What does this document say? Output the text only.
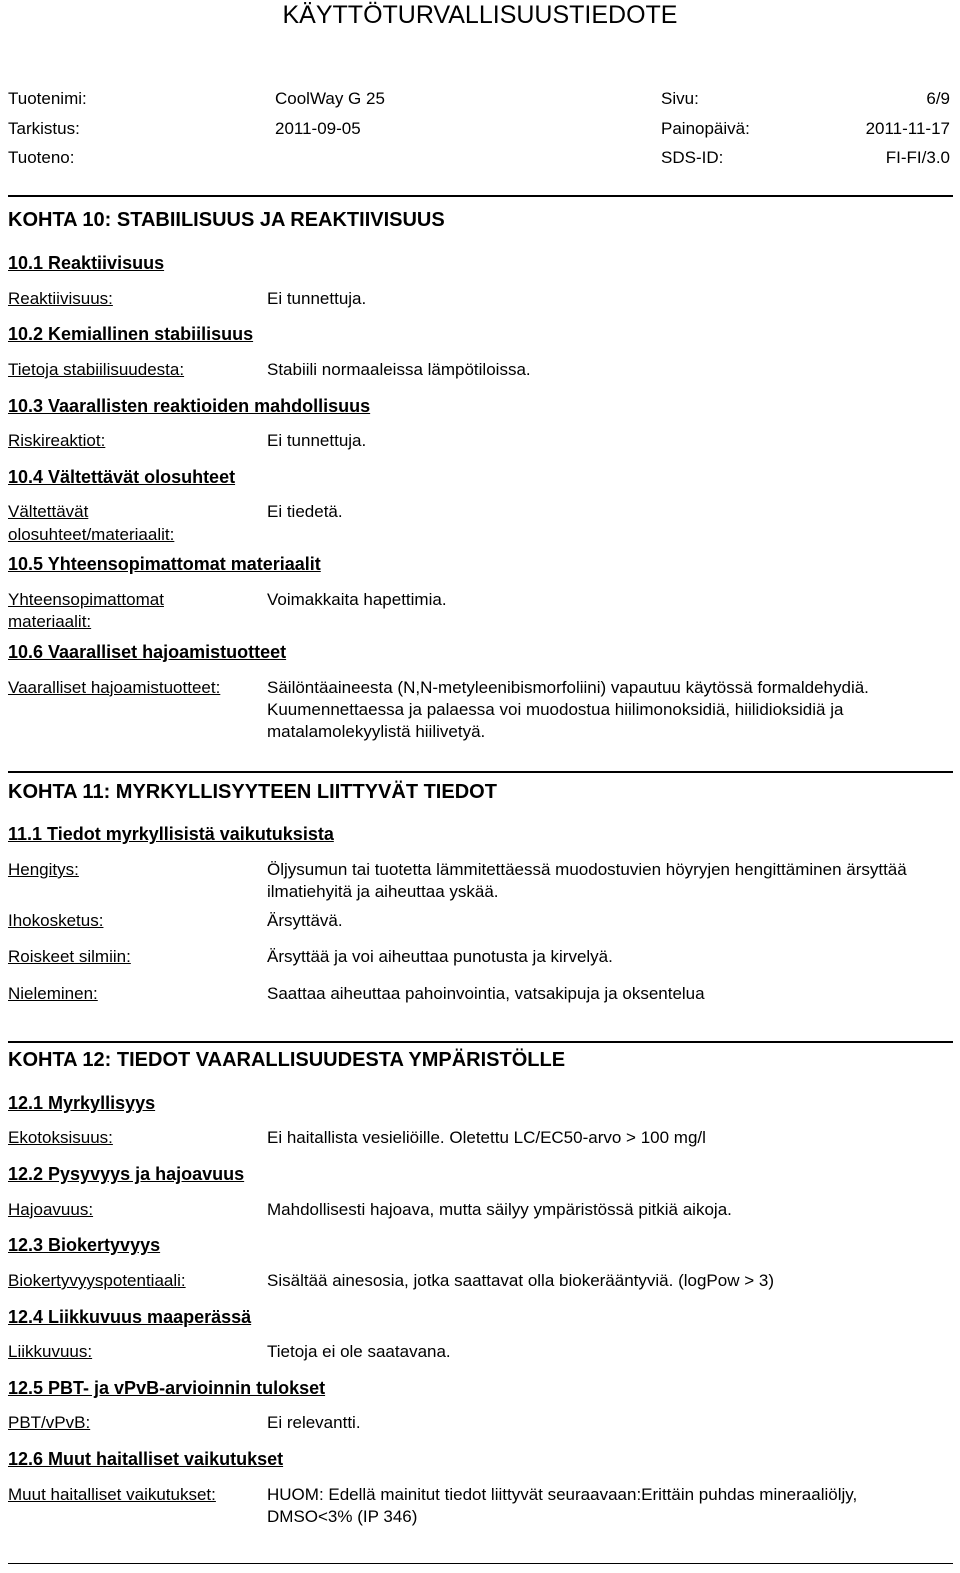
KÄYTTÖTURVALLISUUSTIEDOTE
Tuotenimi:	CoolWay G 25	Sivu:	6/9
Tarkistus:	2011-09-05	Painopäivä:	2011-11-17
Tuoteno:	SDS-ID:	FI-FI/3.0
KOHTA 10: STABIILISUUS JA REAKTIIVISUUS
10.1 Reaktiivisuus
Reaktiivisuus:	Ei tunnettuja.
10.2 Kemiallinen stabiilisuus
Tietoja stabiilisuudesta:	Stabiili normaaleissa lämpötiloissa.
10.3 Vaarallisten reaktioiden mahdollisuus
Riskireaktiot:	Ei tunnettuja.
10.4 Vältettävät olosuhteet
Vältettävät
olosuhteet/materiaalit:
Ei tiedetä.
10.5 Yhteensopimattomat materiaalit
Yhteensopimattomat
materiaalit:
Voimakkaita hapettimia.
10.6 Vaaralliset hajoamistuotteet
Vaaralliset hajoamistuotteet:	Säilöntäaineesta (N,N-metyleenibismorfoliini) vapautuu käytössä formaldehydiä. Kuumennettaessa ja palaessa voi muodostua hiilimonoksidiä, hiilidioksidiä ja matalamolekyylistä hiilivetyä.
KOHTA 11: MYRKYLLISYYTEEN LIITTYVÄT TIEDOT
11.1 Tiedot myrkyllisistä vaikutuksista
Hengitys:	Öljysumun tai tuotetta lämmitettäessä muodostuvien höyryjen hengittäminen ärsyttää ilmatiehyitä ja aiheuttaa yskää.
Ihokosketus:	Ärsyttävä.
Roiskeet silmiin:	Ärsyttää ja voi aiheuttaa punotusta ja kirvelyä.
Nieleminen:	Saattaa aiheuttaa pahoinvointia, vatsakipuja ja oksentelua
KOHTA 12: TIEDOT VAARALLISUUDESTA YMPÄRISTÖLLE
12.1 Myrkyllisyys
Ekotoksisuus:	Ei haitallista vesieliöille. Oletettu LC/EC50-arvo > 100 mg/l
12.2 Pysyvyys ja hajoavuus
Hajoavuus:	Mahdollisesti hajoava, mutta säilyy ympäristössä pitkiä aikoja.
12.3 Biokertyvyys
Biokertyvyyspotentiaali:	Sisältää ainesosia, jotka saattavat olla biokerääntyviä. (logPow > 3)
12.4 Liikkuvuus maaperässä
Liikkuvuus:	Tietoja ei ole saatavana.
12.5 PBT- ja vPvB-arvioinnin tulokset
PBT/vPvB:	Ei relevantti.
12.6 Muut haitalliset vaikutukset
Muut haitalliset vaikutukset:	HUOM: Edellä mainitut tiedot liittyvät seuraavaan:Erittäin puhdas mineraaliöljy, DMSO<3% (IP 346)
